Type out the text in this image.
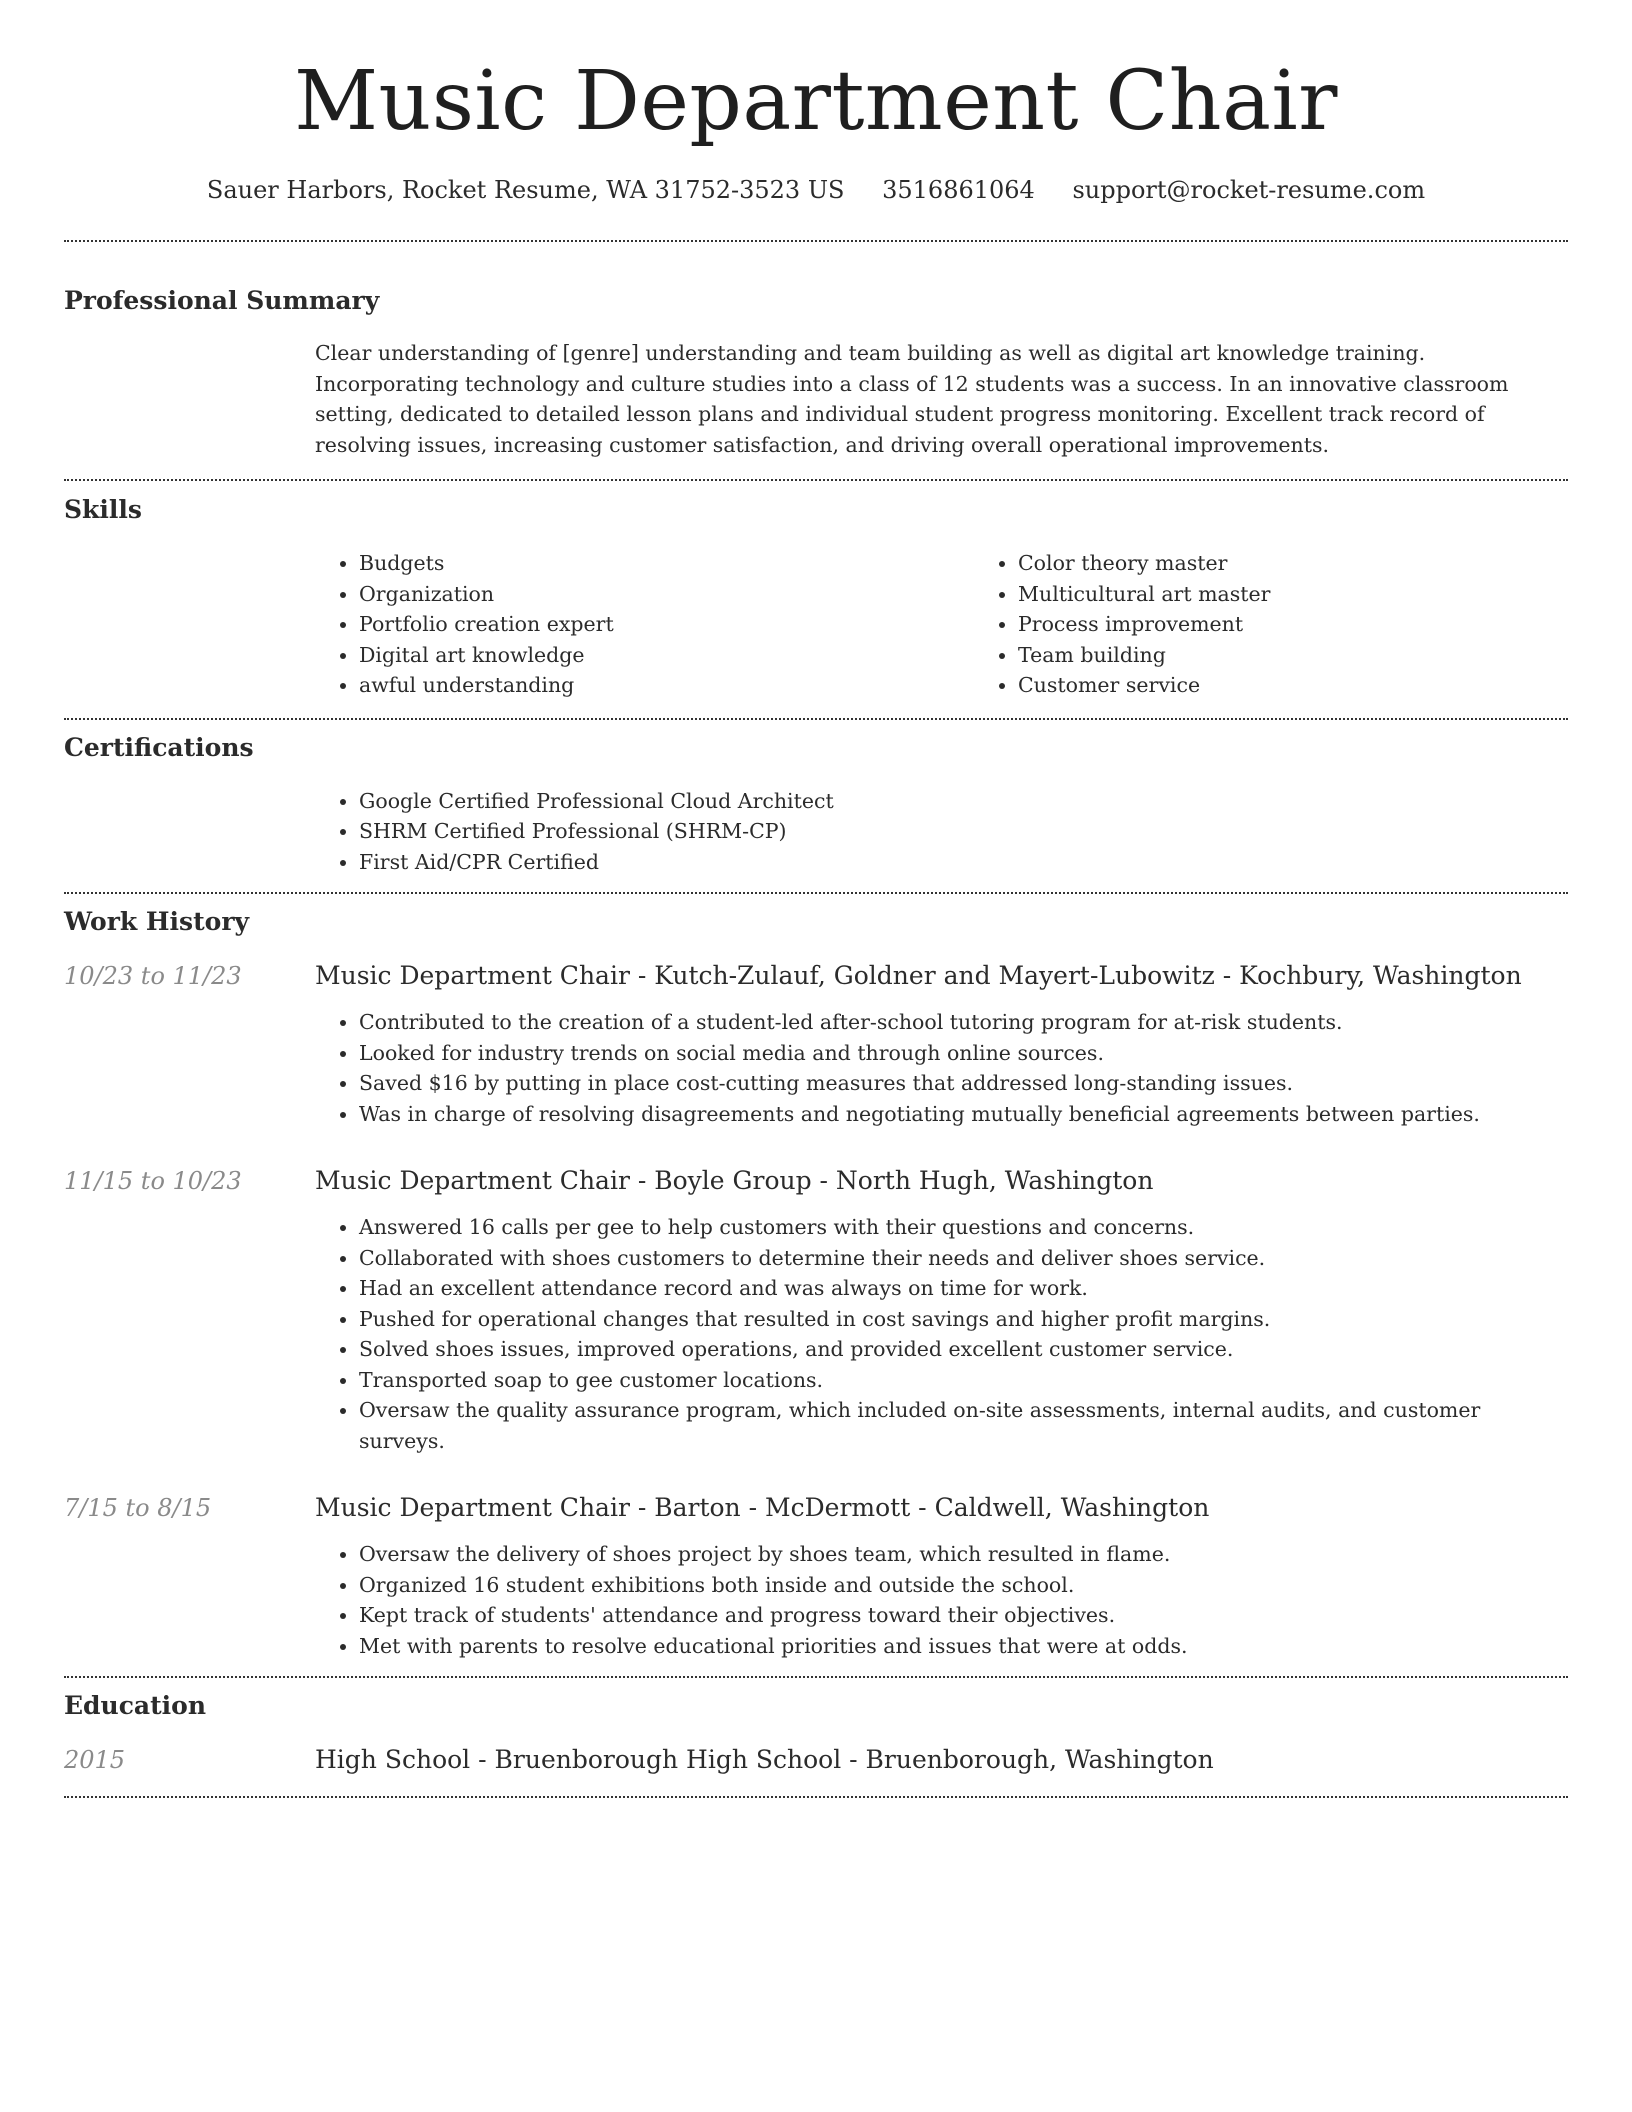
Music Department Chair
Sauer Harbors, Rocket Resume, WA 31752-3523 US 3516861064 support@rocket-resume.com
Professional Summary

Clear understanding of [genre] understanding and team building as well as digital art knowledge training. Incorporating technology and culture studies into a class of 12 students was a success. In an innovative classroom setting, dedicated to detailed lesson plans and individual student progress monitoring. Excellent track record of resolving issues, increasing customer satisfaction, and driving overall operational improvements.

Skills
• Budgets
• Organization
• Portfolio creation expert
• Digital art knowledge
• awful understanding
• Color theory master
• Multicultural art master
• Process improvement
• Team building
• Customer service
Certifications
• Google Certified Professional Cloud Architect
• SHRM Certified Professional (SHRM-CP)
• First Aid/CPR Certified
Work History
10/23 to 11/23	Music Department Chair - Kutch-Zulauf, Goldner and Mayert-Lubowitz - Kochbury, Washington
• Contributed to the creation of a student-led after-school tutoring program for at-risk students.
• Looked for industry trends on social media and through online sources.
• Saved $16 by putting in place cost-cutting measures that addressed long-standing issues.
• Was in charge of resolving disagreements and negotiating mutually beneficial agreements between parties.
11/15 to 10/23	Music Department Chair - Boyle Group - North Hugh, Washington
• Answered 16 calls per gee to help customers with their questions and concerns.
• Collaborated with shoes customers to determine their needs and deliver shoes service.
• Had an excellent attendance record and was always on time for work.
• Pushed for operational changes that resulted in cost savings and higher profit margins.
• Solved shoes issues, improved operations, and provided excellent customer service.
• Transported soap to gee customer locations.
• Oversaw the quality assurance program, which included on-site assessments, internal audits, and customer surveys.
7/15 to 8/15	Music Department Chair - Barton - McDermott - Caldwell, Washington
• Oversaw the delivery of shoes project by shoes team, which resulted in flame.
• Organized 16 student exhibitions both inside and outside the school.
• Kept track of students' attendance and progress toward their objectives.
• Met with parents to resolve educational priorities and issues that were at odds.
Education
2015	High School - Bruenborough High School - Bruenborough, Washington
